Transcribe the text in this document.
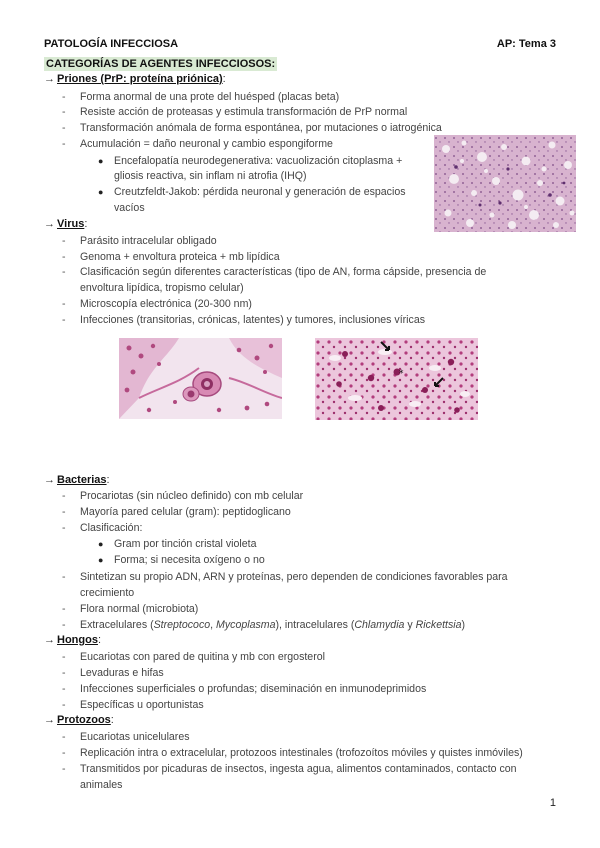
PATOLOGÍA INFECCIOSA	AP: Tema 3
CATEGORÍAS DE AGENTES INFECCIOSOS:
→ Priones (PrP: proteína priónica):
- Forma anormal de una prote del huésped (placas beta)
- Resiste acción de proteasas y estimula transformación de PrP normal
- Transformación anómala de forma espontánea, por mutaciones o iatrogénica
- Acumulación = daño neuronal y cambio espongiforme
● Encefalopatía neurodegenerativa: vacuolización citoplasma +
gliosis reactiva, sin inflam ni atrofia (IHQ)
● Creutzfeldt-Jakob: pérdida neuronal y generación de espacios
vacíos
→ Virus:
- Parásito intracelular obligado
- Genoma + envoltura proteica + mb lipídica
- Clasificación según diferentes características (tipo de AN, forma cápside, presencia de
envoltura lipídica, tropismo celular)
- Microscopía electrónica (20-300 nm)
- Infecciones (transitorias, crónicas, latentes) y tumores, inclusiones víricas
*
→ Bacterias:
- Procariotas (sin núcleo definido) con mb celular
- Mayoría pared celular (gram): peptidoglicano
- Clasificación:
● Gram por tinción cristal violeta
● Forma; si necesita oxígeno o no
- Sintetizan su propio ADN, ARN y proteínas, pero dependen de condiciones favorables para
crecimiento
- Flora normal (microbiota)
- Extracelulares (Streptococo, Mycoplasma), intracelulares (Chlamydia y Rickettsia)
→ Hongos:
- Eucariotas con pared de quitina y mb con ergosterol
- Levaduras e hifas
- Infecciones superficiales o profundas; diseminación en inmunodeprimidos
- Específicas u oportunistas
→ Protozoos:
- Eucariotas unicelulares
- Replicación intra o extracelular, protozoos intestinales (trofozoítos móviles y quistes inmóviles)
- Transmitidos por picaduras de insectos, ingesta agua, alimentos contaminados, contacto con
animales
1
